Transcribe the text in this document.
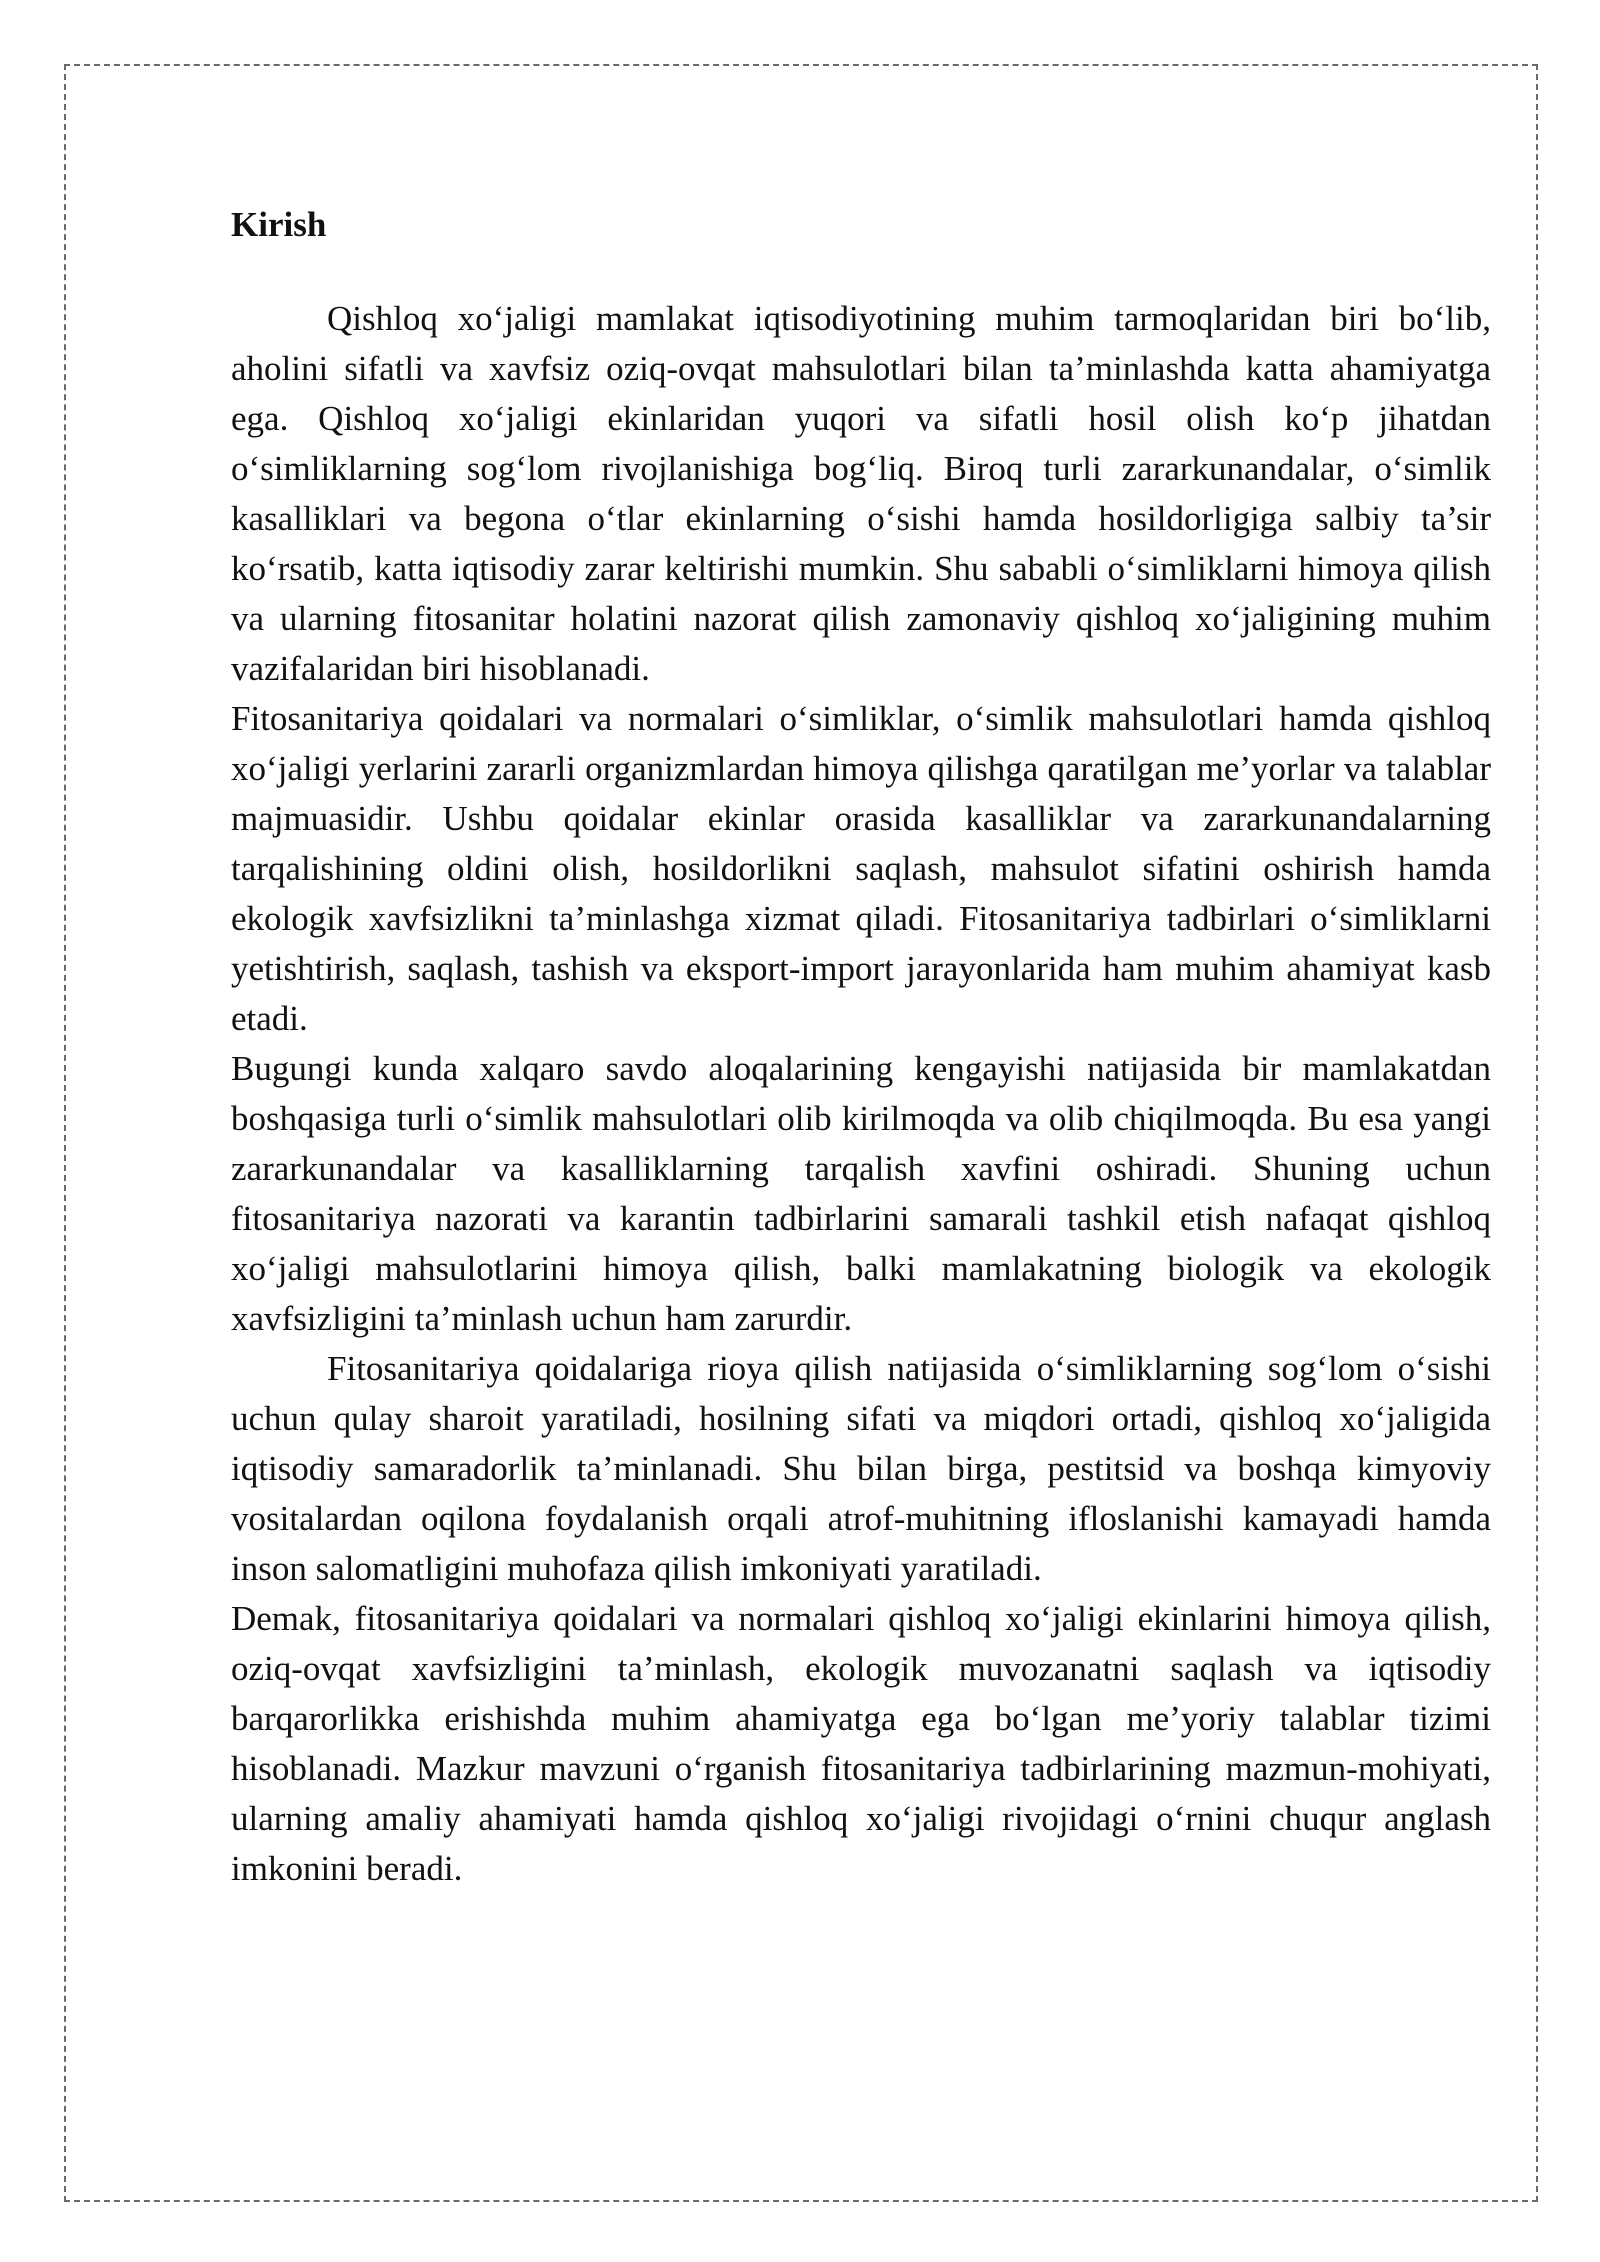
Kirish

Qishloq xo‘jaligi mamlakat iqtisodiyotining muhim tarmoqlaridan biri bo‘lib, aholini sifatli va xavfsiz oziq-ovqat mahsulotlari bilan ta’minlashda katta ahamiyatga ega. Qishloq xo‘jaligi ekinlaridan yuqori va sifatli hosil olish ko‘p jihatdan o‘simliklarning sog‘lom rivojlanishiga bog‘liq. Biroq turli zararkunandalar, o‘simlik kasalliklari va begona o‘tlar ekinlarning o‘sishi hamda hosildorligiga salbiy ta’sir ko‘rsatib, katta iqtisodiy zarar keltirishi mumkin. Shu sababli o‘simliklarni himoya qilish va ularning fitosanitar holatini nazorat qilish zamonaviy qishloq xo‘jaligining muhim vazifalaridan biri hisoblanadi.

Fitosanitariya qoidalari va normalari o‘simliklar, o‘simlik mahsulotlari hamda qishloq xo‘jaligi yerlarini zararli organizmlardan himoya qilishga qaratilgan me’yorlar va talablar majmuasidir. Ushbu qoidalar ekinlar orasida kasalliklar va zararkunandalarning tarqalishining oldini olish, hosildorlikni saqlash, mahsulot sifatini oshirish hamda ekologik xavfsizlikni ta’minlashga xizmat qiladi. Fitosanitariya tadbirlari o‘simliklarni yetishtirish, saqlash, tashish va eksport-import jarayonlarida ham muhim ahamiyat kasb etadi.

Bugungi kunda xalqaro savdo aloqalarining kengayishi natijasida bir mamlakatdan boshqasiga turli o‘simlik mahsulotlari olib kirilmoqda va olib chiqilmoqda. Bu esa yangi zararkunandalar va kasalliklarning tarqalish xavfini oshiradi. Shuning uchun fitosanitariya nazorati va karantin tadbirlarini samarali tashkil etish nafaqat qishloq xo‘jaligi mahsulotlarini himoya qilish, balki mamlakatning biologik va ekologik xavfsizligini ta’minlash uchun ham zarurdir.

Fitosanitariya qoidalariga rioya qilish natijasida o‘simliklarning sog‘lom o‘sishi uchun qulay sharoit yaratiladi, hosilning sifati va miqdori ortadi, qishloq xo‘jaligida iqtisodiy samaradorlik ta’minlanadi. Shu bilan birga, pestitsid va boshqa kimyoviy vositalardan oqilona foydalanish orqali atrof-muhitning ifloslanishi kamayadi hamda inson salomatligini muhofaza qilish imkoniyati yaratiladi.

Demak, fitosanitariya qoidalari va normalari qishloq xo‘jaligi ekinlarini himoya qilish, oziq-ovqat xavfsizligini ta’minlash, ekologik muvozanatni saqlash va iqtisodiy barqarorlikka erishishda muhim ahamiyatga ega bo‘lgan me’yoriy talablar tizimi hisoblanadi. Mazkur mavzuni o‘rganish fitosanitariya tadbirlarining mazmun-mohiyati, ularning amaliy ahamiyati hamda qishloq xo‘jaligi rivojidagi o‘rnini chuqur anglash imkonini beradi.
